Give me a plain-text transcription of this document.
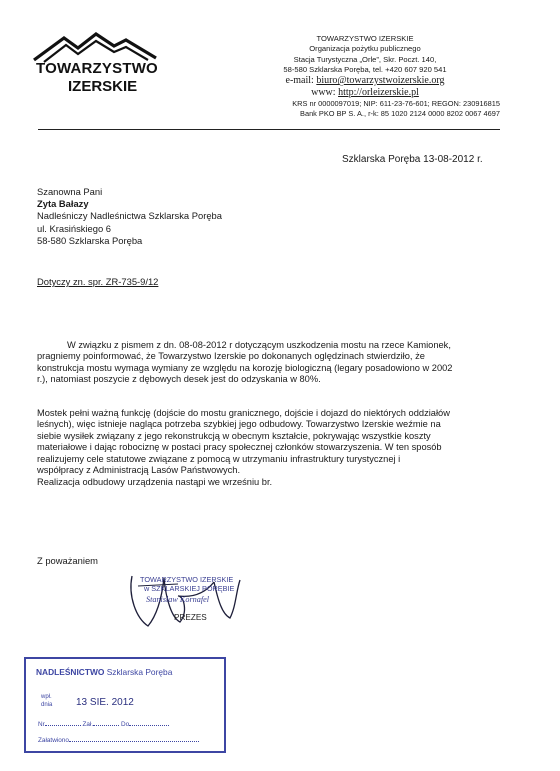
TOWARZYSTWO
IZERSKIE
TOWARZYSTWO IZERSKIE
Organizacja pożytku publicznego
Stacja Turystyczna „Orle”, Skr. Poczt. 140,
58-580 Szklarska Poręba, tel. +420 607 920 541
e-mail: biuro@towarzystwoizerskie.org
www: http://orleizerskie.pl
KRS nr 0000097019; NIP: 611-23-76-601; REGON: 230916815
Bank PKO BP S. A., r-k: 85 1020 2124 0000 8202 0067 4697
Szklarska Poręba 13-08-2012 r.
Szanowna Pani
Zyta Bałazy
Nadleśniczy Nadleśnictwa Szklarska Poręba
ul. Krasińskiego 6
58-580 Szklarska Poręba
Dotyczy zn. spr. ZR-735-9/12
W związku z pismem z dn. 08-08-2012 r dotyczącym uszkodzenia mostu na rzece Kamionek,
pragniemy poinformować, że Towarzystwo Izerskie po dokonanych oględzinach stwierdziło, że
konstrukcja mostu wymaga wymiany ze względu na korozję biologiczną (legary posadowiono w 2002
r.), natomiast poszycie z dębowych desek jest do odzyskania w 80%.
Mostek pełni ważną funkcję (dojście do mostu granicznego, dojście i dojazd do niektórych oddziałów
leśnych), więc istnieje nagląca potrzeba szybkiej jego odbudowy. Towarzystwo Izerskie weźmie na
siebie wysiłek związany z jego rekonstrukcją w obecnym kształcie, pokrywając wszystkie koszty
materiałowe i dając robociznę w postaci pracy społecznej członków stowarzyszenia. W ten sposób
realizujemy cele statutowe związane z pomocą w utrzymaniu infrastruktury turystycznej i
współpracy z Administracją Lasów Państwowych.
Realizacja odbudowy urządzenia nastąpi we wrześniu br.
Z poważaniem
TOWARZYSTWO IZERSKIE
w SZKLARSKIEJ PORĘBIE
Stanisław Kornafel
PREZES
NADLEŚNICTWO Szklarska Poręba
wpł.
dnia 13 SIE. 2012
Nr	Zał.	Do
Załatwiono
